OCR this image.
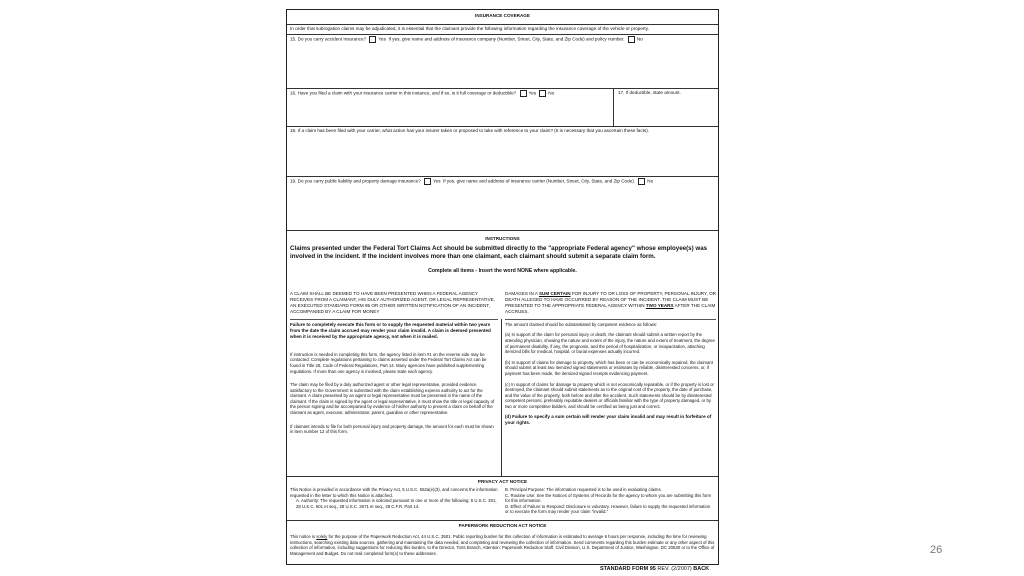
INSURANCE COVERAGE
In order that subrogation claims may be adjudicated, it is essential that the claimant provide the following information regarding the insurance coverage of the vehicle or property.
15. Do you carry accident Insurance?	Yes If yes, give name and address of insurance company (Number, Street, City, State, and Zip Code) and policy number.	No
16. Have you filed a claim with your insurance carrier in this instance, and if so, is it full coverage or deductible?	Yes	No	17. If deductible, state amount.
18. If a claim has been filed with your carrier, what action has your insurer taken or proposed to take with reference to your claim? (It is necessary that you ascertain these facts).
19. Do you carry public liability and property damage insurance?	Yes If yes, give name and address of insurance carrier (Number, Street, City, State, and Zip Code).	No
INSTRUCTIONS
Claims presented under the Federal Tort Claims Act should be submitted directly to the "appropriate Federal agency" whose employee(s) was involved in the incident. If the incident involves more than one claimant, each claimant should submit a separate claim form.
Complete all items - Insert the word NONE where applicable.
A CLAIM SHALL BE DEEMED TO HAVE BEEN PRESENTED WHEN A FEDERAL AGENCY RECEIVES FROM A CLAIMANT, HIS DULY AUTHORIZED AGENT, OR LEGAL REPRESENTATIVE, AN EXECUTED STANDARD FORM 95 OR OTHER WRITTEN NOTIFICATION OF AN INCIDENT, ACCOMPANIED BY A CLAIM FOR MONEY
Failure to completely execute this form or to supply the requested material within two years from the date the claim accrued may render your claim invalid. A claim is deemed presented when it is received by the appropriate agency, not when it is mailed.
If instruction is needed in completing this form, the agency listed in item #1 on the reverse side may be contacted. Complete regulations pertaining to claims asserted under the Federal Tort Claims Act can be found in Title 28, Code of Federal Regulations, Part 14. Many agencies have published supplementing regulations. If more than one agency is involved, please state each agency.
The claim may be filed by a duly authorized agent or other legal representative, provided evidence satisfactory to the Government is submitted with the claim establishing express authority to act for the claimant. A claim presented by an agent or legal representative must be presented in the name of the claimant. If the claim is signed by the agent or legal representative, it must show the title or legal capacity of the person signing and be accompanied by evidence of his/her authority to present a claim on behalf of the claimant as agent, executor, administrator, parent, guardian or other representative.
If claimant intends to file for both personal injury and property damage, the amount for each must be shown in item number 12 of this form.
DAMAGES IN A SUM CERTAIN FOR INJURY TO OR LOSS OF PROPERTY, PERSONAL INJURY, OR DEATH ALLEGED TO HAVE OCCURRED BY REASON OF THE INCIDENT. THE CLAIM MUST BE PRESENTED TO THE APPROPRIATE FEDERAL AGENCY WITHIN TWO YEARS AFTER THE CLAIM ACCRUES.
The amount claimed should be substantiated by competent evidence as follows:
(a) In support of the claim for personal injury or death, the claimant should submit a written report by the attending physician, showing the nature and extent of the injury, the nature and extent of treatment, the degree of permanent disability, if any, the prognosis, and the period of hospitalization, or incapacitation, attaching itemized bills for medical, hospital, or burial expenses actually incurred.
(b) In support of claims for damage to property, which has been or can be economically repaired, the claimant should submit at least two itemized signed statements or estimates by reliable, disinterested concerns, or, if payment has been made, the itemized signed receipts evidencing payment.
(c) In support of claims for damage to property which is not economically repairable, or if the property is lost or destroyed, the claimant should submit statements as to the original cost of the property, the date of purchase, and the value of the property, both before and after the accident. Such statements should be by disinterested competent persons, preferably reputable dealers or officials familiar with the type of property damaged, or by two or more competitive bidders, and should be certified as being just and correct.
(d) Failure to specify a sum certain will render your claim invalid and may result in forfeiture of your rights.
PRIVACY ACT NOTICE
This Notice is provided in accordance with the Privacy Act, 5 U.S.C. 552a(e)(3), and concerns the information requested in the letter to which this Notice is attached.
A. Authority: The requested information is solicited pursuant to one or more of the following: 5 U.S.C. 301, 28 U.S.C. 501 et seq., 28 U.S.C. 2671 et seq., 28 C.F.R. Part 14.
B. Principal Purpose: The information requested is to be used in evaluating claims.
C. Routine Use: See the Notices of Systems of Records for the agency to whom you are submitting this form for this information.
D. Effect of Failure to Respond: Disclosure is voluntary. However, failure to supply the requested information or to execute the form may render your claim "invalid."
PAPERWORK REDUCTION ACT NOTICE
This notice is solely for the purpose of the Paperwork Reduction Act, 44 U.S.C. 3501. Public reporting burden for this collection of information is estimated to average 6 hours per response, including the time for reviewing instructions, searching existing data sources, gathering and maintaining the data needed, and completing and reviewing the collection of information. Send comments regarding this burden estimate or any other aspect of this collection of information, including suggestions for reducing this burden, to the Director, Torts Branch, Attention: Paperwork Reduction Staff, Civil Division, U.S. Department of Justice, Washington, DC 20530 or to the Office of Management and Budget. Do not mail completed form(s) to these addresses.
STANDARD FORM 95 REV. (2/2007) BACK
26
